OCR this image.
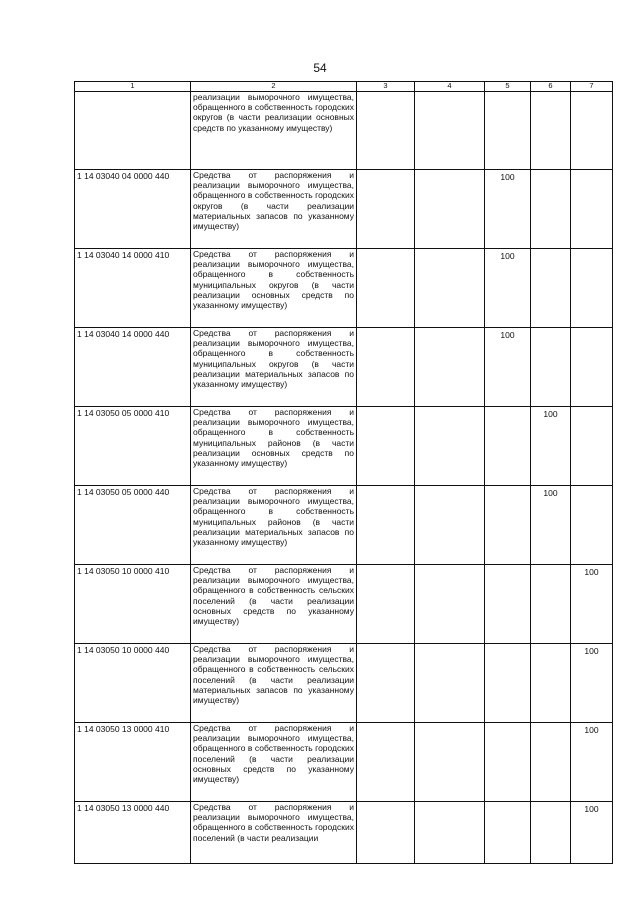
54
1	2	3	4	5	6	7
	реализации выморочного имущества, обращенного в собственность городских округов (в части реализации основных средств по указанному имуществу)					
1 14 03040 04 0000 440	Средства от распоряжения и реализации выморочного имущества, обращенного в собственность городских округов (в части реализации материальных запасов по указанному имуществу)			100		
1 14 03040 14 0000 410	Средства от распоряжения и реализации выморочного имущества, обращенного в собственность муниципальных округов (в части реализации основных средств по указанному имуществу)			100		
1 14 03040 14 0000 440	Средства от распоряжения и реализации выморочного имущества, обращенного в собственность муниципальных округов (в части реализации материальных запасов по указанному имуществу)			100		
1 14 03050 05 0000 410	Средства от распоряжения и реализации выморочного имущества, обращенного в собственность муниципальных районов (в части реализации основных средств по указанному имуществу)				100	
1 14 03050 05 0000 440	Средства от распоряжения и реализации выморочного имущества, обращенного в собственность муниципальных районов (в части реализации материальных запасов по указанному имуществу)				100	
1 14 03050 10 0000 410	Средства от распоряжения и реализации выморочного имущества, обращенного в собственность сельских поселений (в части реализации основных средств по указанному имуществу)					100
1 14 03050 10 0000 440	Средства от распоряжения и реализации выморочного имущества, обращенного в собственность сельских поселений (в части реализации материальных запасов по указанному имуществу)					100
1 14 03050 13 0000 410	Средства от распоряжения и реализации выморочного имущества, обращенного в собственность городских поселений (в части реализации основных средств по указанному имуществу)					100
1 14 03050 13 0000 440	Средства от распоряжения и реализации выморочного имущества, обращенного в собственность городских поселений (в части реализации					100
